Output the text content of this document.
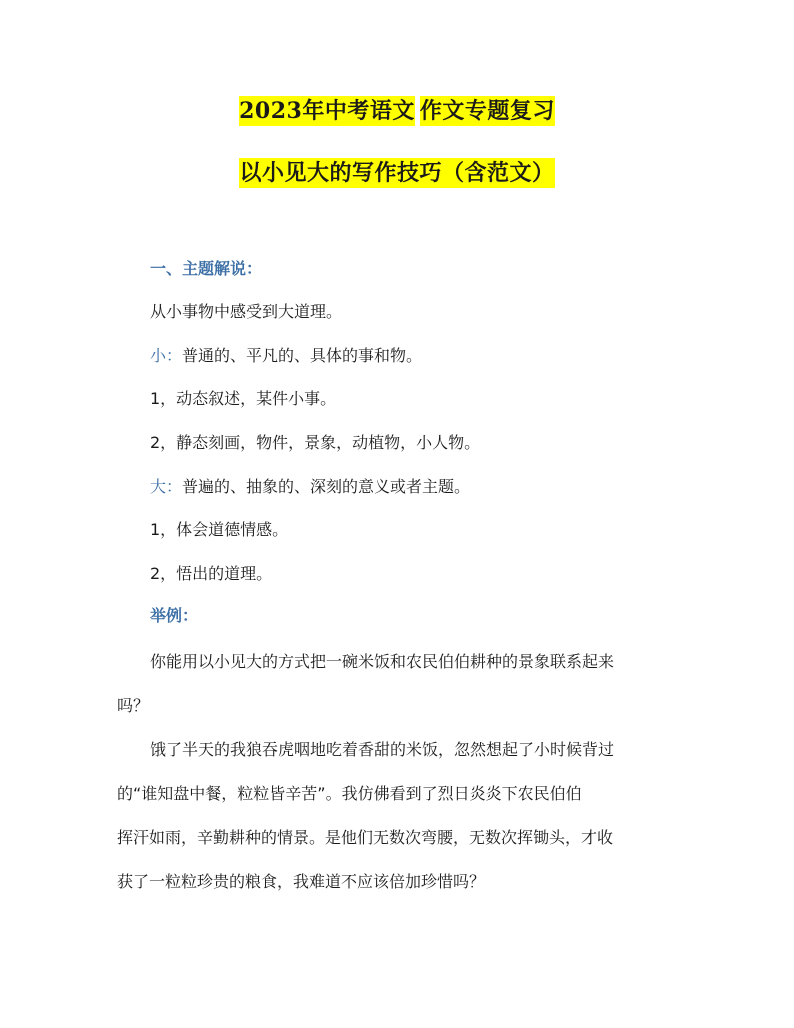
2023年中考语文 作文专题复习
以小见大的写作技巧（含范文）
一、主题解说：
从小事物中感受到大道理。
小：普通的、平凡的、具体的事和物。
1，动态叙述，某件小事。
2，静态刻画，物件，景象，动植物，小人物。
大：普遍的、抽象的、深刻的意义或者主题。
1，体会道德情感。
2，悟出的道理。
举例：
你能用以小见大的方式把一碗米饭和农民伯伯耕种的景象联系起来
吗？
饿了半天的我狼吞虎咽地吃着香甜的米饭，忽然想起了小时候背过
的“谁知盘中餐，粒粒皆辛苦”。我仿佛看到了烈日炎炎下农民伯伯
挥汗如雨，辛勤耕种的情景。是他们无数次弯腰，无数次挥锄头，才收
获了一粒粒珍贵的粮食，我难道不应该倍加珍惜吗？
